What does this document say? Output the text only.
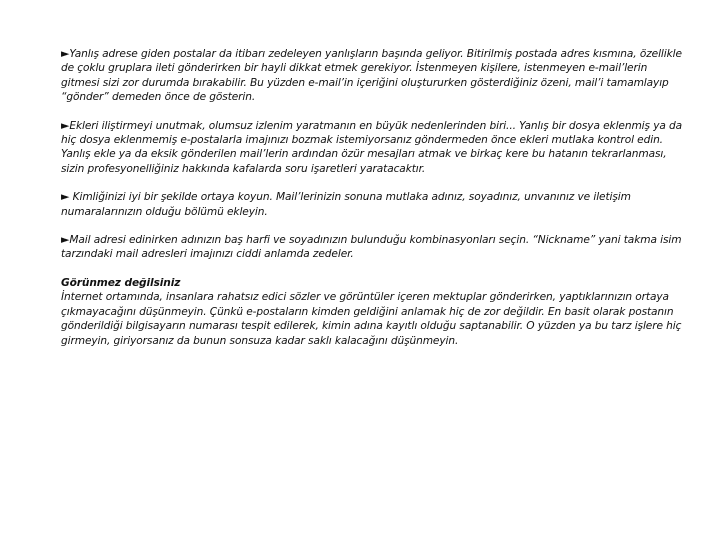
►Yanlış adrese giden postalar da itibarı zedeleyen yanlışların başında geliyor. Bitirilmiş postada adres kısmına, özellikle de çoklu gruplara ileti gönderirken bir hayli dikkat etmek gerekiyor. İstenmeyen kişilere, istenmeyen e-mail’lerin gitmesi sizi zor durumda bırakabilir. Bu yüzden e-mail’in içeriğini oluştururken gösterdiğiniz özeni, mail’i tamamlayıp “gönder” demeden önce de gösterin.

►Ekleri iliştirmeyi unutmak, olumsuz izlenim yaratmanın en büyük nedenlerinden biri... Yanlış bir dosya eklenmiş ya da hiç dosya eklenmemiş e-postalarla imajınızı bozmak istemiyorsanız göndermeden önce ekleri mutlaka kontrol edin. Yanlış ekle ya da eksik gönderilen mail’lerin ardından özür mesajları atmak ve birkaç kere bu hatanın tekrarlanması, sizin profesyonelliğiniz hakkında kafalarda soru işaretleri yaratacaktır.

► Kimliğinizi iyi bir şekilde ortaya koyun. Mail’lerinizin sonuna mutlaka adınız, soyadınız, unvanınız ve iletişim numaralarınızın olduğu bölümü ekleyin.

►Mail adresi edinirken adınızın baş harfi ve soyadınızın bulunduğu kombinasyonları seçin. “Nickname” yani takma isim tarzındaki mail adresleri imajınızı ciddi anlamda zedeler.

Görünmez değilsiniz
İnternet ortamında, insanlara rahatsız edici sözler ve görüntüler içeren mektuplar gönderirken, yaptıklarınızın ortaya çıkmayacağını düşünmeyin. Çünkü e-postaların kimden geldiğini anlamak hiç de zor değildir. En basit olarak postanın gönderildiği bilgisayarın numarası tespit edilerek, kimin adına kayıtlı olduğu saptanabilir. O yüzden ya bu tarz işlere hiç girmeyin, giriyorsanız da bunun sonsuza kadar saklı kalacağını düşünmeyin.
